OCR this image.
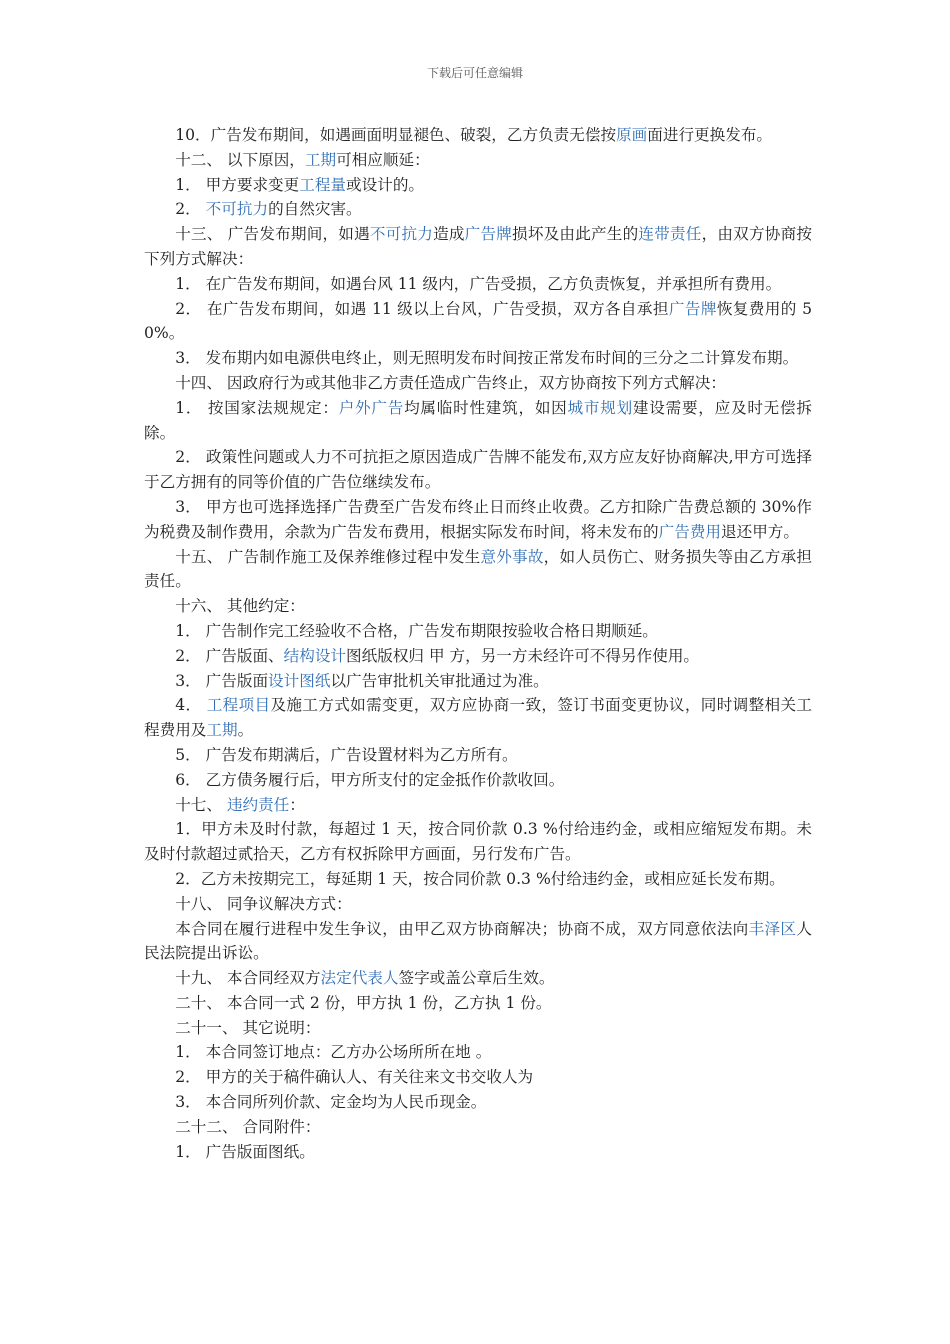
下载后可任意编辑

10．广告发布期间，如遇画面明显褪色、破裂，乙方负责无偿按原画面进行更换发布。

十二、 以下原因，工期可相应顺延：

1． 甲方要求变更工程量或设计的。

2． 不可抗力的自然灾害。

十三、 广告发布期间，如遇不可抗力造成广告牌损坏及由此产生的连带责任，由双方协商按下列方式解决：

1． 在广告发布期间，如遇台风 11 级内，广告受损，乙方负责恢复，并承担所有费用。

2． 在广告发布期间，如遇 11 级以上台风，广告受损，双方各自承担广告牌恢复费用的 50%。

3． 发布期内如电源供电终止，则无照明发布时间按正常发布时间的三分之二计算发布期。

十四、 因政府行为或其他非乙方责任造成广告终止，双方协商按下列方式解决：

1． 按国家法规规定：户外广告均属临时性建筑，如因城市规划建设需要，应及时无偿拆除。

2． 政策性问题或人力不可抗拒之原因造成广告牌不能发布,双方应友好协商解决,甲方可选择于乙方拥有的同等价值的广告位继续发布。

3． 甲方也可选择选择广告费至广告发布终止日而终止收费。乙方扣除广告费总额的 30%作为税费及制作费用，余款为广告发布费用，根据实际发布时间，将未发布的广告费用退还甲方。

十五、 广告制作施工及保养维修过程中发生意外事故，如人员伤亡、财务损失等由乙方承担责任。

十六、 其他约定：

1． 广告制作完工经验收不合格，广告发布期限按验收合格日期顺延。

2． 广告版面、结构设计图纸版权归 甲 方，另一方未经许可不得另作使用。

3． 广告版面设计图纸以广告审批机关审批通过为准。

4． 工程项目及施工方式如需变更，双方应协商一致，签订书面变更协议，同时调整相关工程费用及工期。

5． 广告发布期满后，广告设置材料为乙方所有。

6． 乙方债务履行后，甲方所支付的定金抵作价款收回。

十七、 违约责任：

1．甲方未及时付款，每超过 1 天，按合同价款 0.3 %付给违约金，或相应缩短发布期。未及时付款超过贰拾天，乙方有权拆除甲方画面，另行发布广告。

2．乙方未按期完工，每延期 1 天，按合同价款 0.3 %付给违约金，或相应延长发布期。

十八、 同争议解决方式：

本合同在履行进程中发生争议，由甲乙双方协商解决；协商不成，双方同意依法向丰泽区人民法院提出诉讼。

十九、 本合同经双方法定代表人签字或盖公章后生效。

二十、 本合同一式 2 份，甲方执 1 份，乙方执 1 份。

二十一、 其它说明：

1． 本合同签订地点：乙方办公场所所在地 。

2． 甲方的关于稿件确认人、有关往来文书交收人为

3． 本合同所列价款、定金均为人民币现金。

二十二、 合同附件：

1． 广告版面图纸。
